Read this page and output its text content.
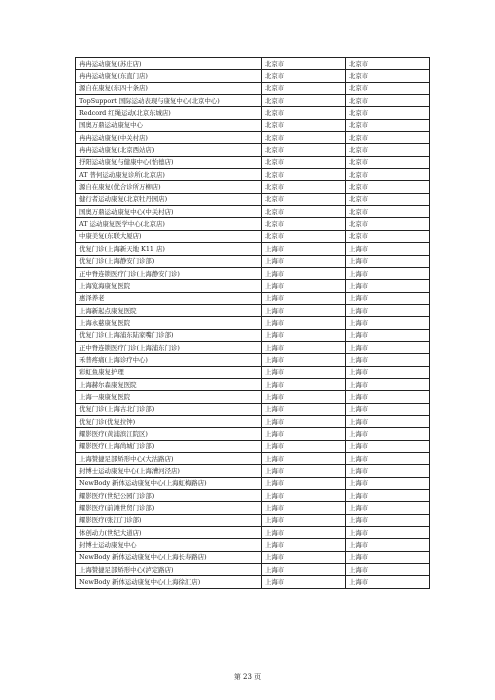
冉冉运动康复(苏庄店)	北京市	北京市
冉冉运动康复(东直门店)	北京市	北京市
源自在康复(东四十条店)	北京市	北京市
TopSupport 国际运动表现与康复中心(北京中心)	北京市	北京市
Redcord 红绳运动(北京东城店)	北京市	北京市
国奥万鼎运动康复中心	北京市	北京市
冉冉运动康复(中关村店)	北京市	北京市
冉冉运动康复(北京西站店)	北京市	北京市
抒阳运动康复与健康中心(怡德店)	北京市	北京市
AT 普何运动康复诊所(北京店)	北京市	北京市
源自在康复(优合诊所万柳店)	北京市	北京市
健行者运动康复(北京牡丹园店)	北京市	北京市
国奥万鼎运动康复中心(中关村店)	北京市	北京市
AT 运动康复医学中心(北京店)	北京市	北京市
中康美复(东联大厦店)	北京市	北京市
优复门诊(上海新天地 K11 店)	上海市	上海市
优复门诊(上海静安门诊部)	上海市	上海市
正中脊连锁医疗门诊(上海静安门诊)	上海市	上海市
上海览海康复医院	上海市	上海市
惠泽养老	上海市	上海市
上海新起点康复医院	上海市	上海市
上海永慈康复医院	上海市	上海市
优复门诊(上海浦东陆家嘴门诊部)	上海市	上海市
正中脊连锁医疗门诊(上海浦东门诊)	上海市	上海市
禾普疼痛(上海诊疗中心)	上海市	上海市
彩虹鱼康复护理	上海市	上海市
上海赫尔森康复医院	上海市	上海市
上海一康康复医院	上海市	上海市
优复门诊(上海古北门诊部)	上海市	上海市
优复门诊(优复拉钟)	上海市	上海市
耀影医疗(黄浦滨江院区)	上海市	上海市
耀影医疗(上海尚城门诊部)	上海市	上海市
上海赞捷足部矫形中心(大沽路店)	上海市	上海市
封博士运动康复中心(上海漕河泾店)	上海市	上海市
NewBody 新体运动康复中心(上海虹梅路店)	上海市	上海市
耀影医疗(世纪公园门诊部)	上海市	上海市
耀影医疗(前滩世贸门诊部)	上海市	上海市
耀影医疗(张江门诊部)	上海市	上海市
体创动力(世纪大道店)	上海市	上海市
封博士运动康复中心	上海市	上海市
NewBody 新体运动康复中心(上海长寿路店)	上海市	上海市
上海赞捷足部矫形中心(泸定路店)	上海市	上海市
NewBody 新体运动康复中心(上海徐汇店)	上海市	上海市
第 23 页
